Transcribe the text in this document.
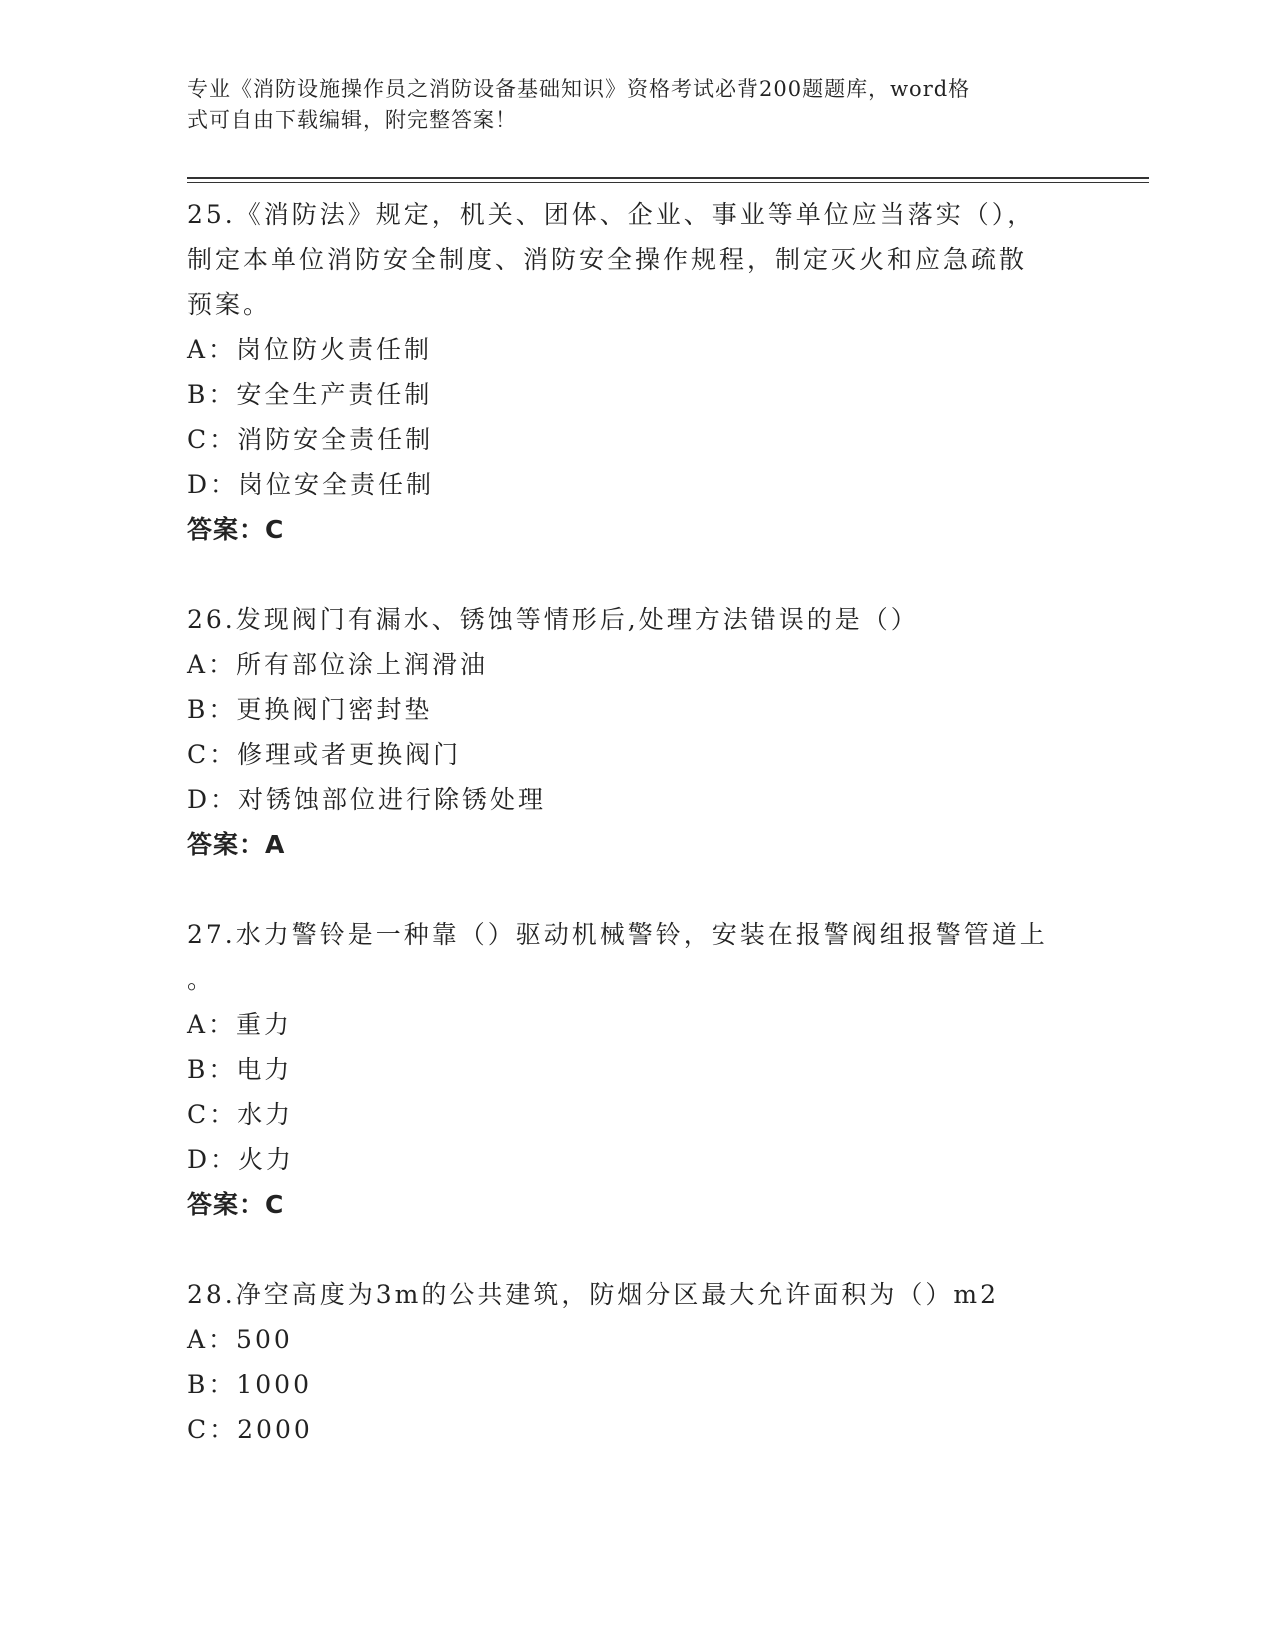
专业《消防设施操作员之消防设备基础知识》资格考试必背200题题库，word格
式可自由下载编辑，附完整答案！
25.《消防法》规定，机关、团体、企业、事业等单位应当落实（），
制定本单位消防安全制度、消防安全操作规程，制定灭火和应急疏散
预案。
A：岗位防火责任制
B：安全生产责任制
C：消防安全责任制
D：岗位安全责任制
答案：C
26.发现阀门有漏水、锈蚀等情形后,处理方法错误的是（）
A：所有部位涂上润滑油
B：更换阀门密封垫
C：修理或者更换阀门
D：对锈蚀部位进行除锈处理
答案：A
27.水力警铃是一种靠（）驱动机械警铃，安装在报警阀组报警管道上
。
A：重力
B：电力
C：水力
D：火力
答案：C
28.净空高度为3m的公共建筑，防烟分区最大允许面积为（）m2
A：500
B：1000
C：2000
